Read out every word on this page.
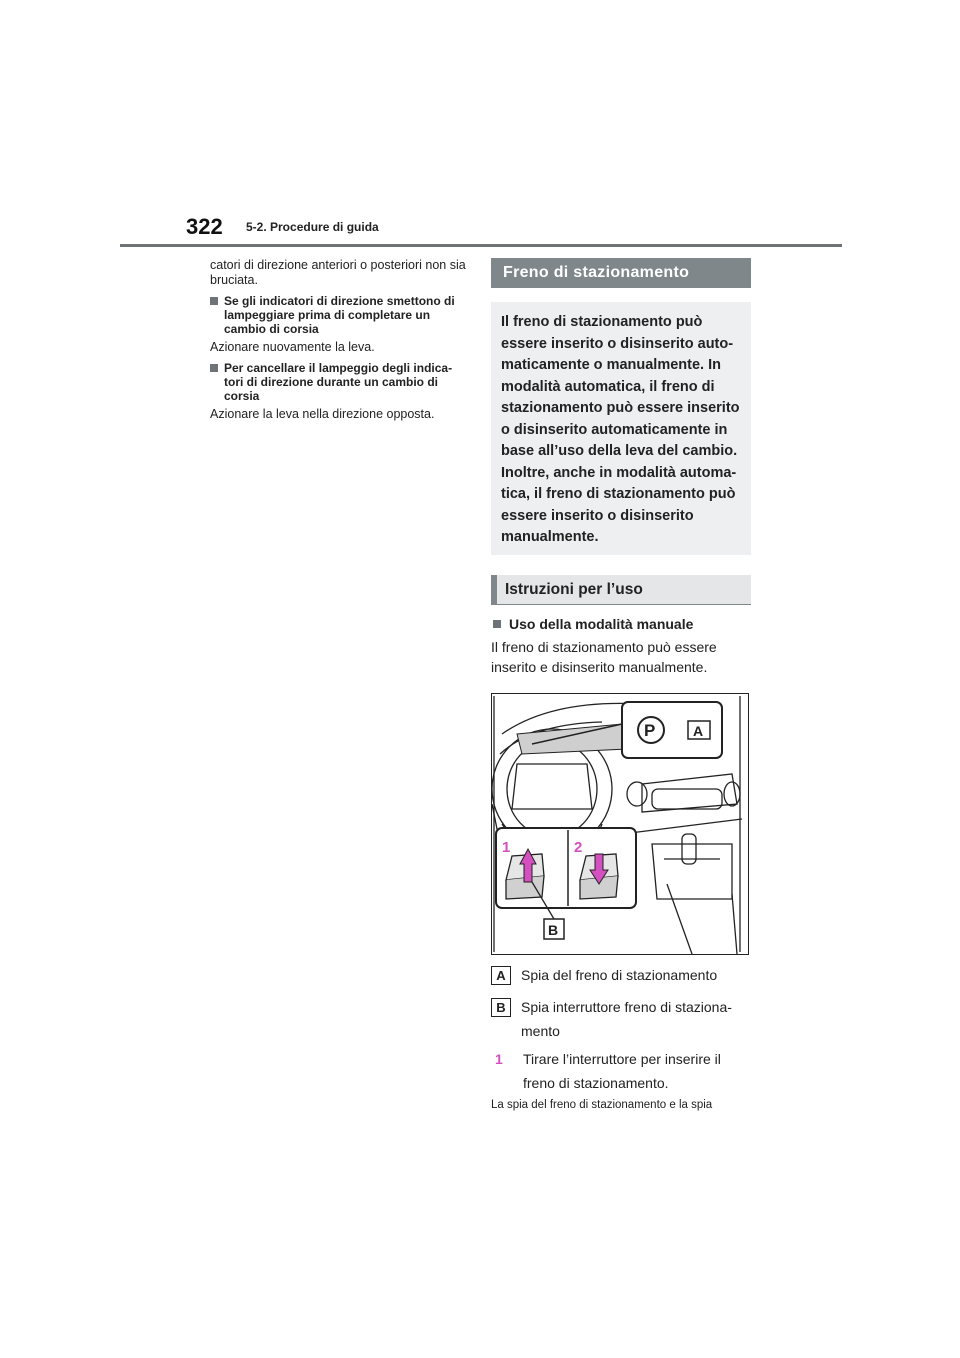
322 5-2. Procedure di guida

catori di direzione anteriori o posteriori non sia bruciata.

Se gli indicatori di direzione smettono di lampeggiare prima di completare un cambio di corsia

Azionare nuovamente la leva.

Per cancellare il lampeggio degli indica- tori di direzione durante un cambio di corsia

Azionare la leva nella direzione opposta.

Freno di stazionamento
Il freno di stazionamento può essere inserito o disinserito auto- maticamente o manualmente. In modalità automatica, il freno di stazionamento può essere inserito o disinserito automaticamente in base all’uso della leva del cambio. Inoltre, anche in modalità automa- tica, il freno di stazionamento può essere inserito o disinserito manualmente.
Istruzioni per l’uso
Uso della modalità manuale

Il freno di stazionamento può essere inserito e disinserito manualmente.

P	A
1	2
B
A	Spia del freno di stazionamento
B	Spia interruttore freno di staziona- mento
1	Tirare l’interruttore per inserire il freno di stazionamento.
La spia del freno di stazionamento e la spia
